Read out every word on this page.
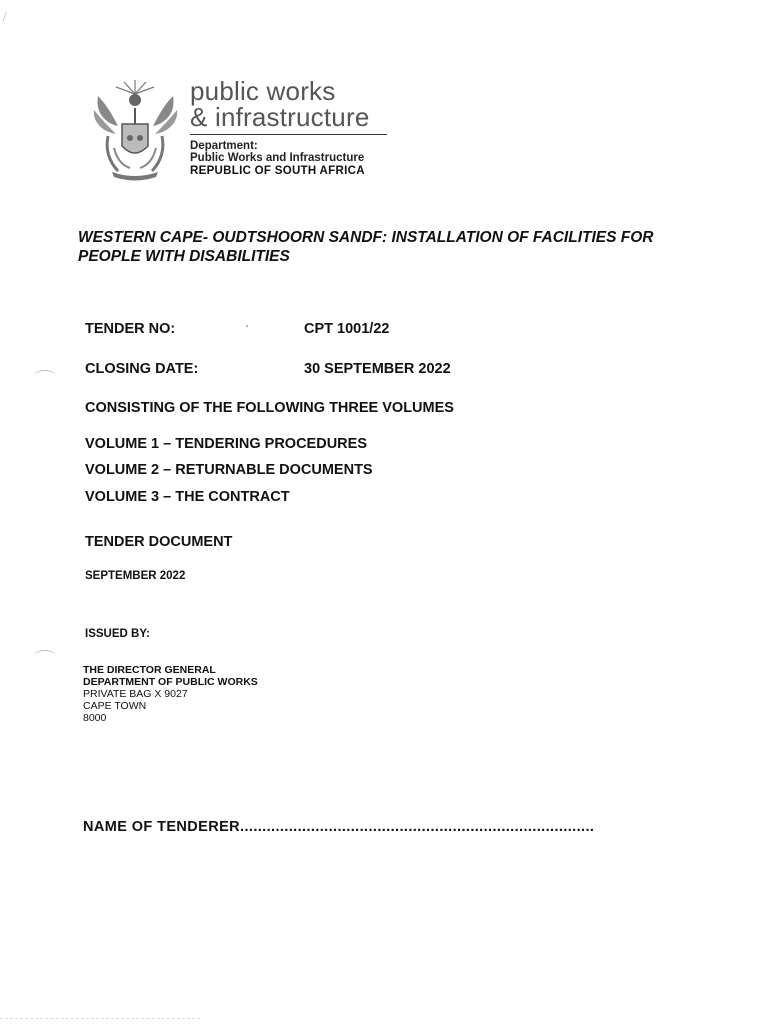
public works
& infrastructure
Department:
Public Works and Infrastructure
REPUBLIC OF SOUTH AFRICA
WESTERN CAPE- OUDTSHOORN SANDF: INSTALLATION OF FACILITIES FOR PEOPLE WITH DISABILITIES
TENDER NO:	ʻ	CPT 1001/22
CLOSING DATE:	30 SEPTEMBER 2022
CONSISTING OF THE FOLLOWING THREE VOLUMES
VOLUME 1 – TENDERING PROCEDURES
VOLUME 2 – RETURNABLE DOCUMENTS
VOLUME 3 – THE CONTRACT
TENDER DOCUMENT
SEPTEMBER 2022
ISSUED BY:
THE DIRECTOR GENERAL
DEPARTMENT OF PUBLIC WORKS
PRIVATE BAG X 9027
CAPE TOWN
8000
NAME OF TENDERER................................................................................
